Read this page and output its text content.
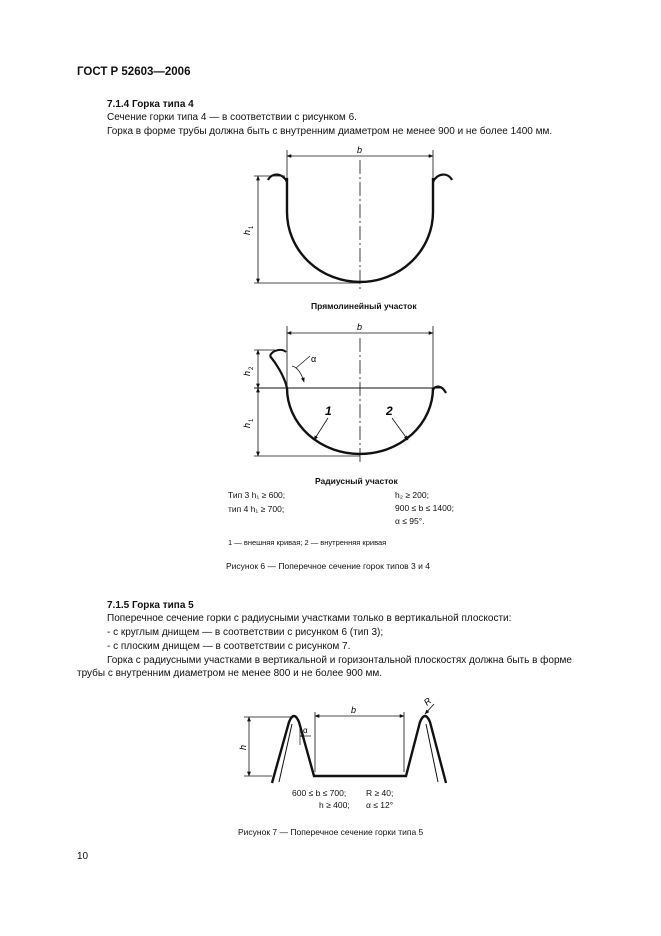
ГОСТ Р 52603—2006
7.1.4 Горка типа 4
Сечение горки типа 4 — в соответствии с рисунком 6.
Горка в форме трубы должна быть с внутренним диаметром не менее 900 и не более 1400 мм.
b
h
1
b
h
2
h
1
α
1	2
b
h
R
α
Прямолинейный участок
Радиусный участок
Тип 3 h₁ ≥ 600;
тип 4 h₁ ≥ 700;
h₂ ≥ 200;
900 ≤ b ≤ 1400;
α ≤ 95°.
1 — внешняя кривая; 2 — внутренняя кривая
Рисунок 6 — Поперечное сечение горок типов 3 и 4
7.1.5 Горка типа 5
Поперечное сечение горки с радиусными участками только в вертикальной плоскости:
- с круглым днищем — в соответствии с рисунком 6 (тип 3);
- с плоским днищем — в соответствии с рисунком 7.
Горка с радиусными участками в вертикальной и горизонтальной плоскостях должна быть в форме
трубы с внутренним диаметром не менее 800 и не более 900 мм.
600 ≤ b ≤ 700; R ≥ 40;
h ≥ 400; α ≤ 12°
Рисунок 7 — Поперечное сечение горки типа 5
10
